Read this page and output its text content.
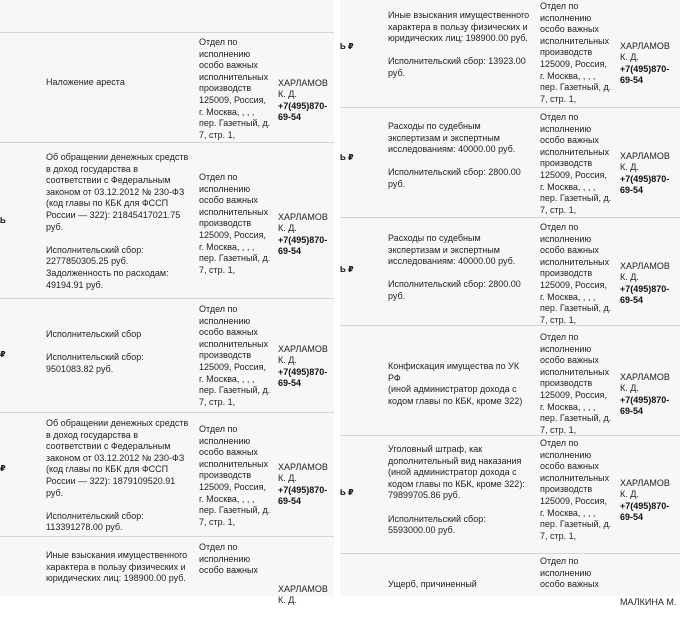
Наложение ареста
Отдел по
исполнению
особо важных
исполнительных
производств
125009, Россия,
г. Москва, , , ,
пер. Газетный, д.
7, стр. 1,

ХАРЛАМОВ
К. Д.

+7(495)870-
69-54

Об обращении денежных средств
в доход государства в
соответствии с Федеральным
законом от 03.12.2012 № 230-ФЗ
(код главы по КБК для ФССП
России — 322): 21845417021.75
руб.

Исполнительский сбор:
2277850305.25 руб.
Задолженность по расходам:
49194.91 руб.
Отдел по
исполнению
особо важных
исполнительных
производств
125009, Россия,
г. Москва, , , ,
пер. Газетный, д.
7, стр. 1,

ХАРЛАМОВ
К. Д.

+7(495)870-
69-54

Ь
Исполнительский сбор

Исполнительский сбор:
9501083.82 руб.
Отдел по
исполнению
особо важных
исполнительных
производств
125009, Россия,
г. Москва, , , ,
пер. Газетный, д.
7, стр. 1,

ХАРЛАМОВ
К. Д.

+7(495)870-
69-54

₽
Об обращении денежных средств
в доход государства в
соответствии с Федеральным
законом от 03.12.2012 № 230-ФЗ
(код главы по КБК для ФССП
России — 322): 1879109520.91 руб.

Исполнительский сбор:
113391278.00 руб.
Отдел по
исполнению
особо важных
исполнительных
производств
125009, Россия,
г. Москва, , , ,
пер. Газетный, д.
7, стр. 1,

ХАРЛАМОВ
К. Д.

+7(495)870-
69-54

₽
Иные взыскания имущественного
характера в пользу физических и
юридических лиц: 198900.00 руб.
Отдел по
исполнению
особо важных

ХАРЛАМОВ
К. Д.

Иные взыскания имущественного
характера в пользу физических и
юридических лиц: 198900.00 руб.

Исполнительский сбор: 13923.00
руб.
Отдел по
исполнению
особо важных
исполнительных
производств
125009, Россия,
г. Москва, , , ,
пер. Газетный, д.
7, стр. 1,

ХАРЛАМОВ
К. Д.

+7(495)870-
69-54

Ь ₽
Расходы по судебным
экспертизам и экспертным
исследованиям: 40000.00 руб.

Исполнительский сбор: 2800.00
руб.
Отдел по
исполнению
особо важных
исполнительных
производств
125009, Россия,
г. Москва, , , ,
пер. Газетный, д.
7, стр. 1,

ХАРЛАМОВ
К. Д.

+7(495)870-
69-54

Ь ₽
Расходы по судебным
экспертизам и экспертным
исследованиям: 40000.00 руб.

Исполнительский сбор: 2800.00
руб.
Отдел по
исполнению
особо важных
исполнительных
производств
125009, Россия,
г. Москва, , , ,
пер. Газетный, д.
7, стр. 1,

ХАРЛАМОВ
К. Д.

+7(495)870-
69-54

Ь ₽
Конфискация имущества по УК РФ
(иной администратор дохода с
кодом главы по КБК, кроме 322)
Отдел по
исполнению
особо важных
исполнительных
производств
125009, Россия,
г. Москва, , , ,
пер. Газетный, д.
7, стр. 1,

ХАРЛАМОВ
К. Д.

+7(495)870-
69-54

Уголовный штраф, как
дополнительный вид наказания
(иной администратор дохода с
кодом главы по КБК, кроме 322):
79899705.86 руб.

Исполнительский сбор:
5593000.00 руб.
Отдел по
исполнению
особо важных
исполнительных
производств
125009, Россия,
г. Москва, , , ,
пер. Газетный, д.
7, стр. 1,

ХАРЛАМОВ
К. Д.

+7(495)870-
69-54

Ь ₽
Ущерб, причиненный
Отдел по
исполнению
особо важных

МАЛКИНА М.
